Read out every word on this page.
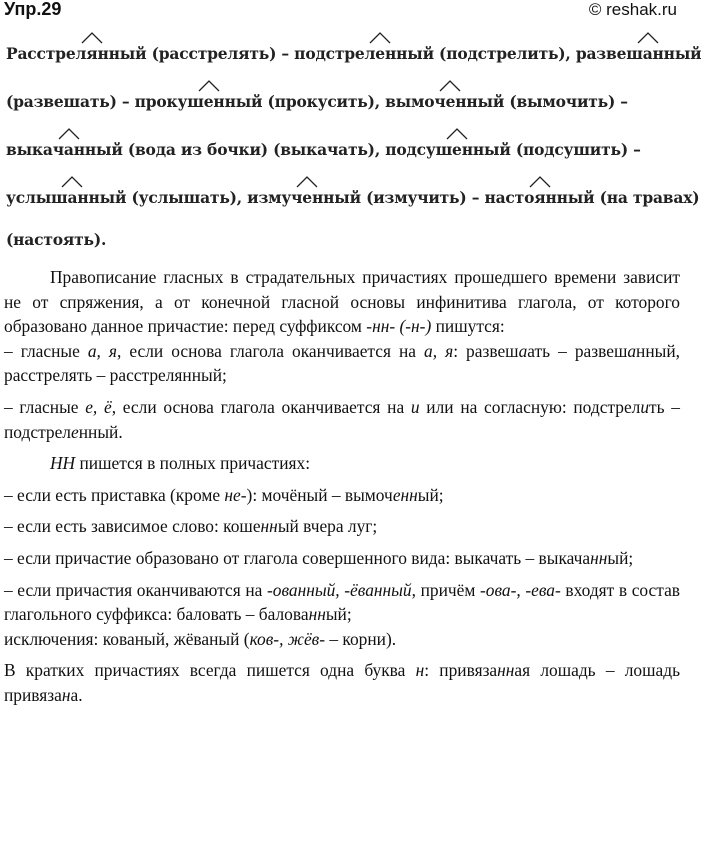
Упр.29	© reshak.ru
Расстрел
янный (расстрелять) – подстрел
енный (подстрелить), развеш
анный
(развешать) – прокуш
енный (прокусить), вымоч
енный (вымочить) –
выкач
анный (вода из бочки) (выкачать), подсуш
енный (подсушить) –
услыш
анный (услышать), измуч
енный (измучить) – насто
янный (на травах)
(настоять).

Правописание гласных в страдательных причастиях прошедшего времени зависит не от спряжения, а от конечной гласной основы инфинитива глагола, от которого образовано данное причастие: перед суффиксом -нн- (-н-) пишутся:

– гласные а, я, если основа глагола оканчивается на а, я: развешаать – развешанный, расстрелять – расстрелянный;

– гласные е, ё, если основа глагола оканчивается на и или на согласную: подстрелить – подстреленный.

НН пишется в полных причастиях:

– если есть приставка (кроме не-): мочёный – вымоченный;

– если есть зависимое слово: кошeнный вчера луг;

– если причастие образовано от глагола совершенного вида: выкачать – выкачанный;

– если причастия оканчиваются на -ованный, -ёванный, причём -ова-, -ева- входят в состав глагольного суффикса: баловать – балованный;

исключения: кованый, жёваный (ков-, жёв- – корни).

В кратких причастиях всегда пишется одна буква н: привязанная лошадь – лошадь привязана.
